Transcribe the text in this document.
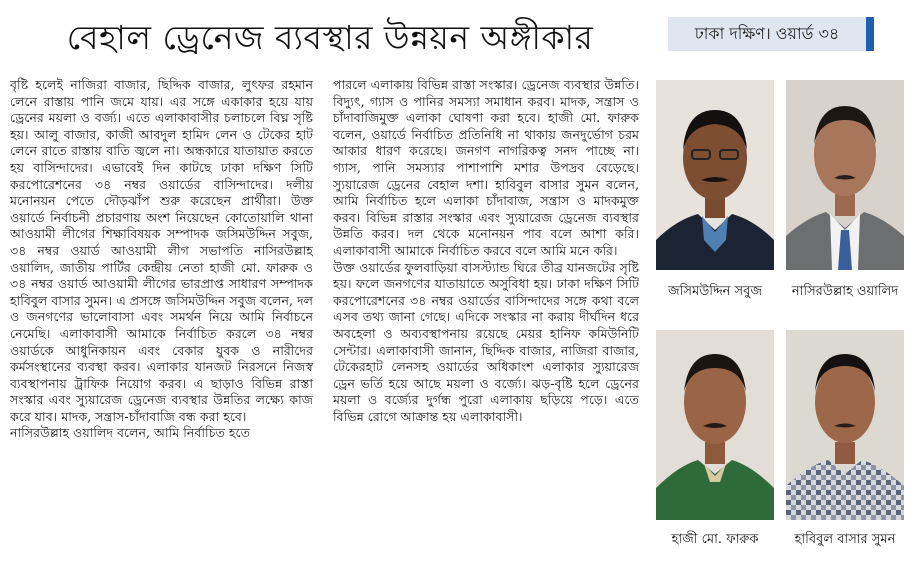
বেহাল ড্রেনেজ ব্যবস্থার উন্নয়ন অঙ্গীকার	ঢাকা দক্ষিণ। ওয়ার্ড ৩৪

বৃষ্টি হলেই নাজিরা বাজার, ছিদ্দিক বাজার, লুৎফর রহমান লেনে রাস্তায় পানি জমে যায়। এর সঙ্গে একাকার হয়ে যায় ড্রেনের ময়লা ও বর্জ্য। এতে এলাকাবাসীর চলাচলে বিঘ্ন সৃষ্টি হয়। আলু বাজার, কাজী আবদুল হামিদ লেন ও টেকের হাট লেনে রাতে রাস্তায় বাতি জ্বলে না। অন্ধকারে যাতায়াত করতে হয় বাসিন্দাদের। এভাবেই দিন কাটছে ঢাকা দক্ষিণ সিটি করপোরেশনের ৩৪ নম্বর ওয়ার্ডের বাসিন্দাদের। দলীয় মনোনয়ন পেতে দৌড়ঝাঁপ শুরু করেছেন প্রার্থীরা। উক্ত ওয়ার্ডে নির্বাচনী প্রচারণায় অংশ নিয়েছেন কোতোয়ালি থানা আওয়ামী লীগের শিক্ষাবিষয়ক সম্পাদক জসিমউদ্দিন সবুজ, ৩৪ নম্বর ওয়ার্ড আওয়ামী লীগ সভাপতি নাসিরউল্লাহ ওয়ালিদ, জাতীয় পার্টির কেন্দ্রীয় নেতা হাজী মো. ফারুক ও ৩৪ নম্বর ওয়ার্ড আওয়ামী লীগের ভারপ্রাপ্ত সাধারণ সম্পাদক হাবিবুল বাসার সুমন। এ প্রসঙ্গে জসিমউদ্দিন সবুজ বলেন, দল ও জনগণের ভালোবাসা এবং সমর্থন নিয়ে আমি নির্বাচনে নেমেছি। এলাকাবাসী আমাকে নির্বাচিত করলে ৩৪ নম্বর ওয়ার্ডকে আধুনিকায়ন এবং বেকার যুবক ও নারীদের কর্মসংস্থানের ব্যবস্থা করব। এলাকার যানজট নিরসনে নিজস্ব ব্যবস্থাপনায় ট্রাফিক নিয়োগ করব। এ ছাড়াও বিভিন্ন রাস্তা সংস্কার এবং স্যুয়ারেজ ড্রেনেজ ব্যবস্থার উন্নতির লক্ষ্যে কাজ করে যাব। মাদক, সন্ত্রাস-চাঁদাবাজি বন্ধ করা হবে।

নাসিরউল্লাহ ওয়ালিদ বলেন, আমি নির্বাচিত হতে

পারলে এলাকায় বিভিন্ন রাস্তা সংস্কার। ড্রেনেজ ব্যবস্থার উন্নতি। বিদ্যুৎ, গ্যাস ও পানির সমস্যা সমাধান করব। মাদক, সন্ত্রাস ও চাঁদাবাজিমুক্ত এলাকা ঘোষণা করা হবে। হাজী মো. ফারুক বলেন, ওয়ার্ডে নির্বাচিত প্রতিনিধি না থাকায় জনদুর্ভোগ চরম আকার ধারণ করেছে। জনগণ নাগরিকত্ব সনদ পাচ্ছে না। গ্যাস, পানি সমস্যার পাশাপাশি মশার উপদ্রব বেড়েছে। স্যুয়ারেজ ড্রেনের বেহাল দশা। হাবিবুল বাসার সুমন বলেন, আমি নির্বাচিত হলে এলাকা চাঁদাবাজ, সন্ত্রাস ও মাদকমুক্ত করব। বিভিন্ন রাস্তার সংস্কার এবং স্যুয়ারেজ ড্রেনেজ ব্যবস্থার উন্নতি করব। দল থেকে মনোনয়ন পাব বলে আশা করি। এলাকাবাসী আমাকে নির্বাচিত করবে বলে আমি মনে করি।

উক্ত ওয়ার্ডের ফুলবাড়িয়া বাসস্ট্যান্ড ঘিরে তীব্র যানজটের সৃষ্টি হয়। ফলে জনগণের যাতায়াতে অসুবিধা হয়। ঢাকা দক্ষিণ সিটি করপোরেশনের ৩৪ নম্বর ওয়ার্ডের বাসিন্দাদের সঙ্গে কথা বলে এসব তথ্য জানা গেছে। এদিকে সংস্কার না করায় দীর্ঘদিন ধরে অবহেলা ও অব্যবস্থাপনায় রয়েছে মেয়র হানিফ কমিউনিটি সেন্টার। এলাকাবাসী জানান, ছিদ্দিক বাজার, নাজিরা বাজার, টেকেরহাট লেনসহ ওয়ার্ডের অধিকাংশ এলাকার স্যুয়ারেজ ড্রেন ভর্তি হয়ে আছে ময়লা ও বর্জ্যে। ঝড়-বৃষ্টি হলে ড্রেনের ময়লা ও বর্জ্যের দুর্গন্ধ পুরো এলাকায় ছড়িয়ে পড়ে। এতে বিভিন্ন রোগে আক্রান্ত হয় এলাকাবাসী।

জসিমউদ্দিন সবুজ	নাসিরউল্লাহ ওয়ালিদ
হাজী মো. ফারুক	হাবিবুল বাসার সুমন
